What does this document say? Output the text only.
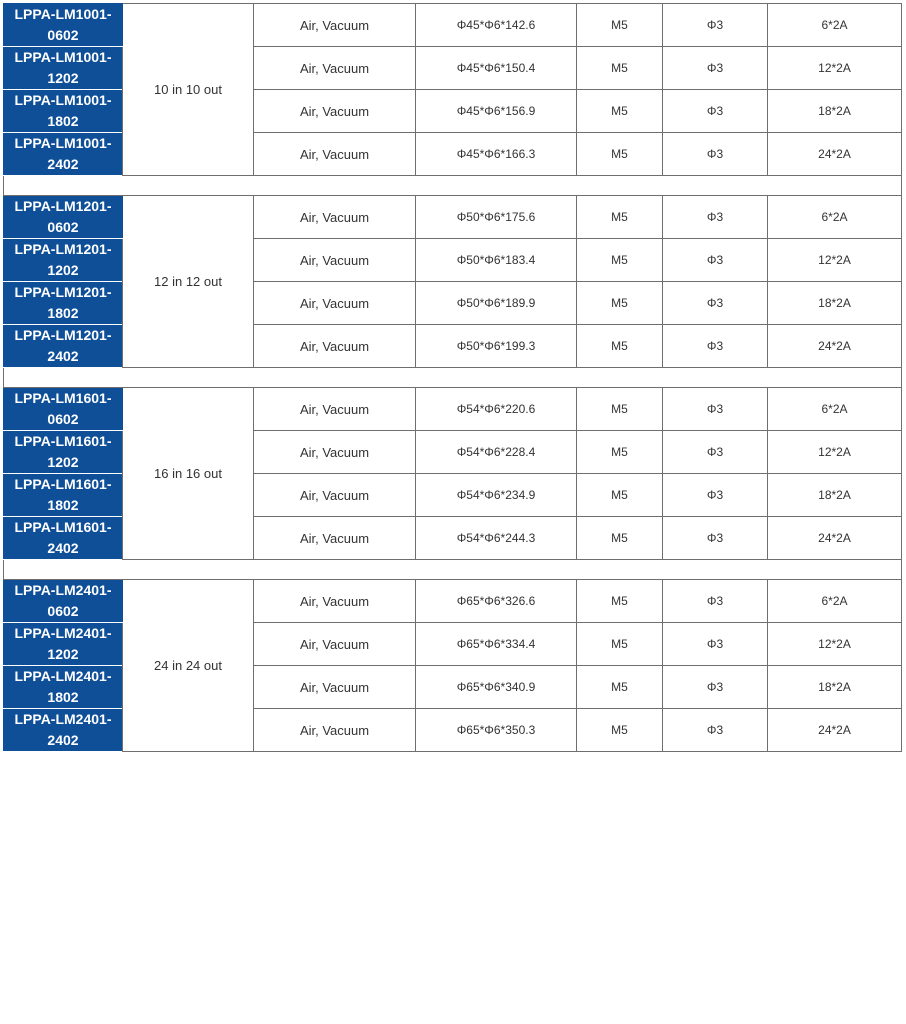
LPPA-LM1001-
0602	10 in 10 out	Air, Vacuum	Φ45*Φ6*142.6	M5	Φ3	6*2A

LPPA-LM1001-
1202		Air, Vacuum	Φ45*Φ6*150.4	M5	Φ3	12*2A

LPPA-LM1001-
1802		Air, Vacuum	Φ45*Φ6*156.9	M5	Φ3	18*2A

LPPA-LM1001-
2402		Air, Vacuum	Φ45*Φ6*166.3	M5	Φ3	24*2A

LPPA-LM1201-
0602	12 in 12 out	Air, Vacuum	Φ50*Φ6*175.6	M5	Φ3	6*2A

LPPA-LM1201-
1202		Air, Vacuum	Φ50*Φ6*183.4	M5	Φ3	12*2A

LPPA-LM1201-
1802		Air, Vacuum	Φ50*Φ6*189.9	M5	Φ3	18*2A

LPPA-LM1201-
2402		Air, Vacuum	Φ50*Φ6*199.3	M5	Φ3	24*2A

LPPA-LM1601-
0602	16 in 16 out	Air, Vacuum	Φ54*Φ6*220.6	M5	Φ3	6*2A

LPPA-LM1601-
1202		Air, Vacuum	Φ54*Φ6*228.4	M5	Φ3	12*2A

LPPA-LM1601-
1802		Air, Vacuum	Φ54*Φ6*234.9	M5	Φ3	18*2A

LPPA-LM1601-
2402		Air, Vacuum	Φ54*Φ6*244.3	M5	Φ3	24*2A

LPPA-LM2401-
0602	24 in 24 out	Air, Vacuum	Φ65*Φ6*326.6	M5	Φ3	6*2A

LPPA-LM2401-
1202		Air, Vacuum	Φ65*Φ6*334.4	M5	Φ3	12*2A

LPPA-LM2401-
1802		Air, Vacuum	Φ65*Φ6*340.9	M5	Φ3	18*2A

LPPA-LM2401-
2402		Air, Vacuum	Φ65*Φ6*350.3	M5	Φ3	24*2A
